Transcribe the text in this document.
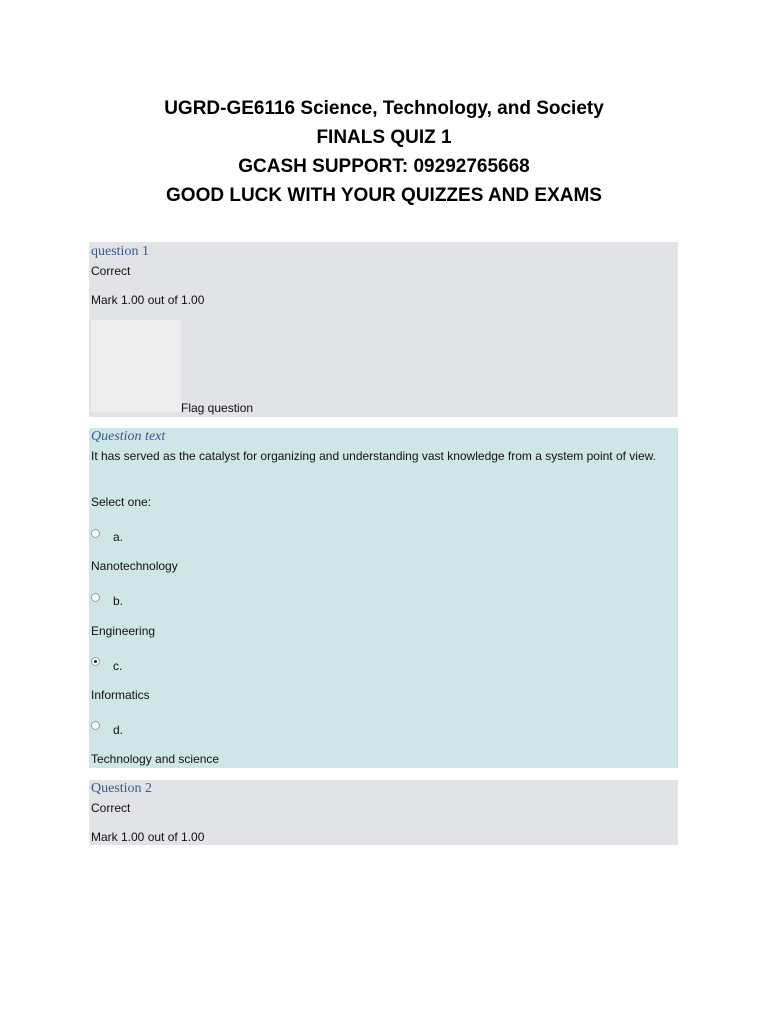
UGRD-GE6116 Science, Technology, and Society
FINALS QUIZ 1
GCASH SUPPORT: 09292765668
GOOD LUCK WITH YOUR QUIZZES AND EXAMS
question 1
Correct
Mark 1.00 out of 1.00
Flag question
Question text
It has served as the catalyst for organizing and understanding vast knowledge from a system point of view.
Select one:
a.
Nanotechnology
b.
Engineering
c.
Informatics
d.
Technology and science
Question 2
Correct
Mark 1.00 out of 1.00
